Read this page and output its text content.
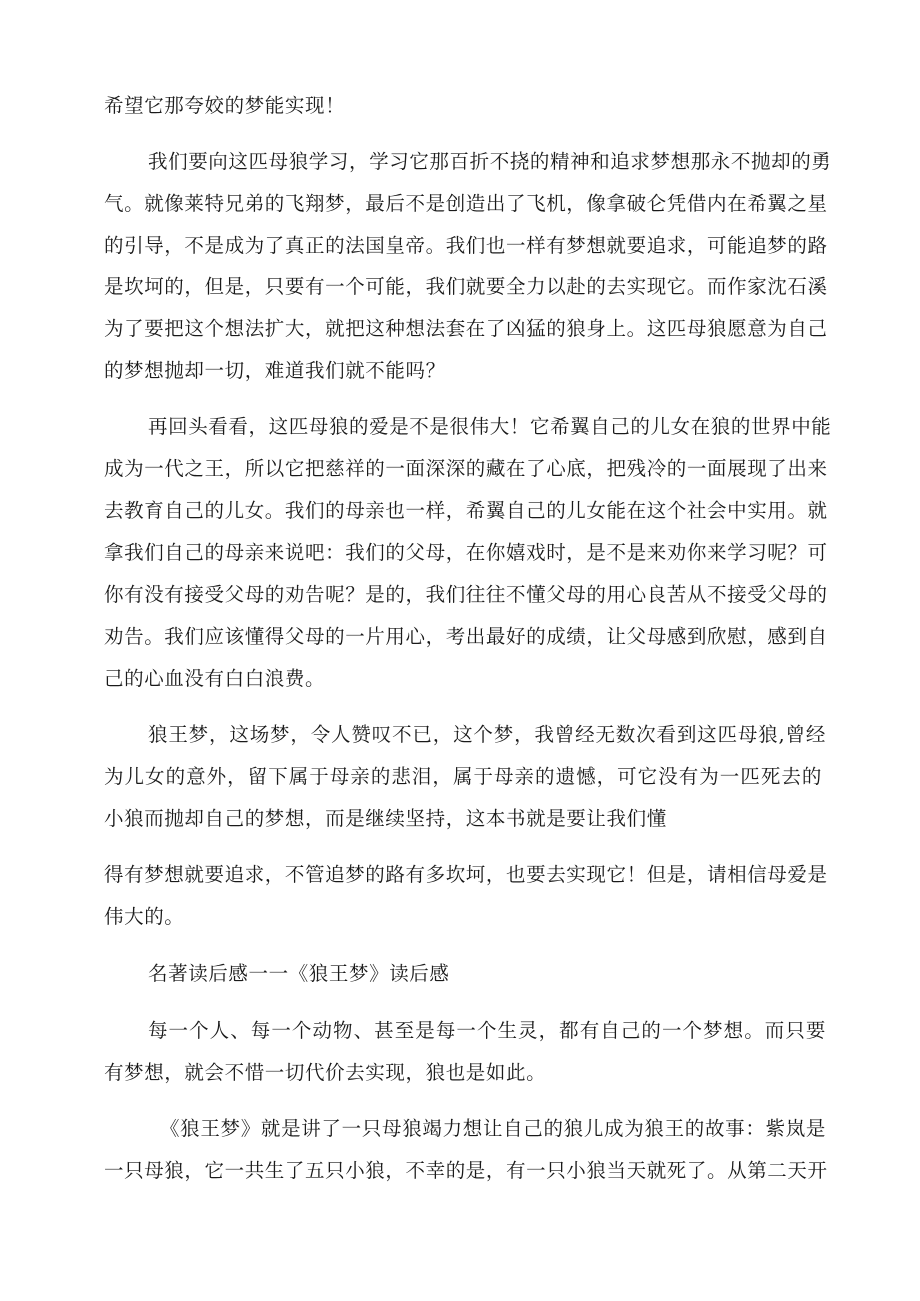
希望它那夸姣的梦能实现！
我们要向这匹母狼学习，学习它那百折不挠的精神和追求梦想那永不抛却的勇
气。就像莱特兄弟的飞翔梦，最后不是创造出了飞机，像拿破仑凭借内在希翼之星
的引导，不是成为了真正的法国皇帝。我们也一样有梦想就要追求，可能追梦的路
是坎坷的，但是，只要有一个可能，我们就要全力以赴的去实现它。而作家沈石溪
为了要把这个想法扩大，就把这种想法套在了凶猛的狼身上。这匹母狼愿意为自己
的梦想抛却一切，难道我们就不能吗？
再回头看看，这匹母狼的爱是不是很伟大！它希翼自己的儿女在狼的世界中能
成为一代之王，所以它把慈祥的一面深深的藏在了心底，把残冷的一面展现了出来
去教育自己的儿女。我们的母亲也一样，希翼自己的儿女能在这个社会中实用。就
拿我们自己的母亲来说吧：我们的父母，在你嬉戏时，是不是来劝你来学习呢？可
你有没有接受父母的劝告呢？是的，我们往往不懂父母的用心良苦从不接受父母的
劝告。我们应该懂得父母的一片用心，考出最好的成绩，让父母感到欣慰，感到自
己的心血没有白白浪费。
狼王梦，这场梦，令人赞叹不已，这个梦，我曾经无数次看到这匹母狼,曾经
为儿女的意外，留下属于母亲的悲泪，属于母亲的遗憾，可它没有为一匹死去的
小狼而抛却自己的梦想，而是继续坚持，这本书就是要让我们懂
得有梦想就要追求，不管追梦的路有多坎坷，也要去实现它！但是，请相信母爱是
伟大的。
名著读后感一一《狼王梦》读后感
每一个人、每一个动物、甚至是每一个生灵，都有自己的一个梦想。而只要
有梦想，就会不惜一切代价去实现，狼也是如此。
《狼王梦》就是讲了一只母狼竭力想让自己的狼儿成为狼王的故事：紫岚是
一只母狼，它一共生了五只小狼，不幸的是，有一只小狼当天就死了。从第二天开
